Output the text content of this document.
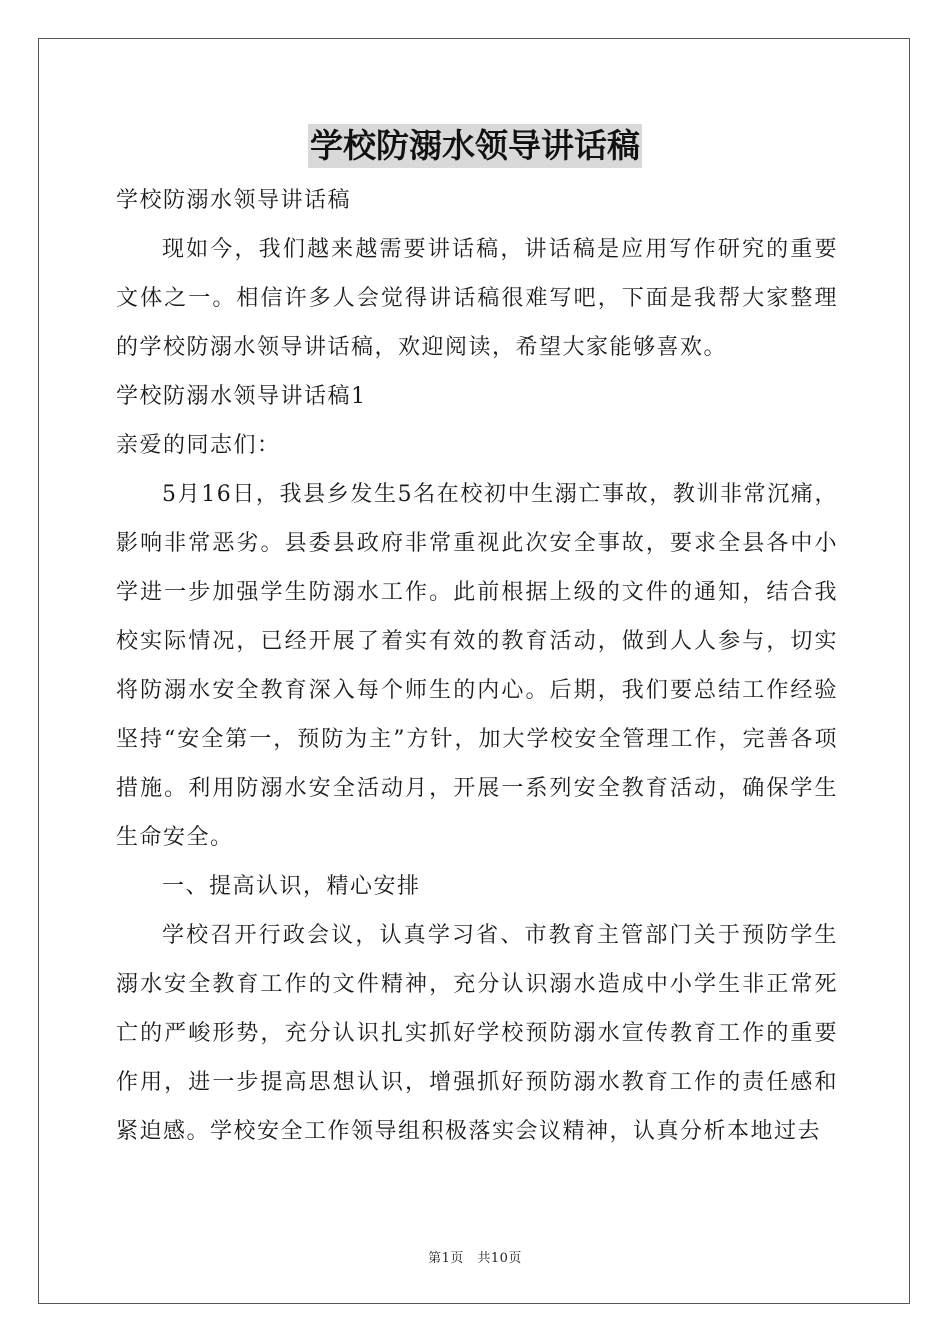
学校防溺水领导讲话稿

学校防溺水领导讲话稿

现如今，我们越来越需要讲话稿，讲话稿是应用写作研究的重要文体之一。相信许多人会觉得讲话稿很难写吧，下面是我帮大家整理的学校防溺水领导讲话稿，欢迎阅读，希望大家能够喜欢。

学校防溺水领导讲话稿1

亲爱的同志们：

5月16日，我县乡发生5名在校初中生溺亡事故，教训非常沉痛，影响非常恶劣。县委县政府非常重视此次安全事故，要求全县各中小学进一步加强学生防溺水工作。此前根据上级的文件的通知，结合我校实际情况，已经开展了着实有效的教育活动，做到人人参与，切实将防溺水安全教育深入每个师生的内心。后期，我们要总结工作经验坚持“安全第一，预防为主”方针，加大学校安全管理工作，完善各项措施。利用防溺水安全活动月，开展一系列安全教育活动，确保学生生命安全。

一、提高认识，精心安排

学校召开行政会议，认真学习省、市教育主管部门关于预防学生溺水安全教育工作的文件精神，充分认识溺水造成中小学生非正常死亡的严峻形势，充分认识扎实抓好学校预防溺水宣传教育工作的重要作用，进一步提高思想认识，增强抓好预防溺水教育工作的责任感和紧迫感。学校安全工作领导组积极落实会议精神，认真分析本地过去

第1页　共10页
